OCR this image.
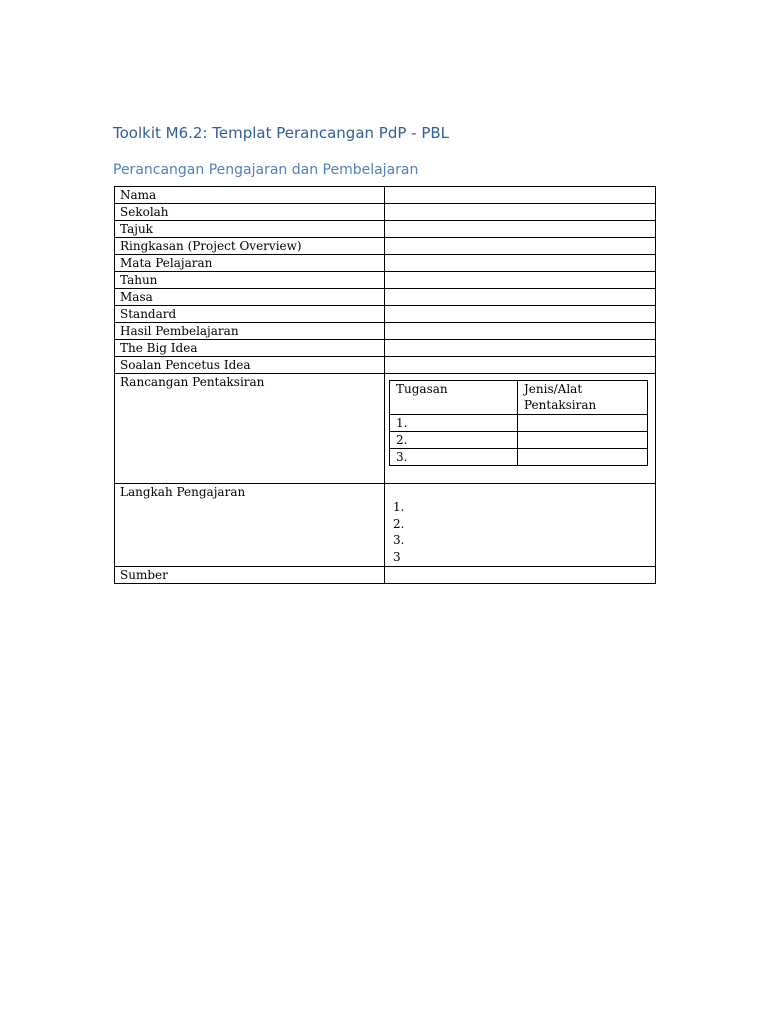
Toolkit M6.2: Templat Perancangan PdP - PBL
Perancangan Pengajaran dan Pembelajaran
Nama	
Sekolah	
Tajuk	
Ringkasan (Project Overview)	
Mata Pelajaran	
Tahun	
Masa	
Standard	
Hasil Pembelajaran	
The Big Idea	
Soalan Pencetus Idea	
Rancangan Pentaksiran		Tugasan	Jenis/Alat Pentaksiran
1.	
2.	
3.	

Langkah Pengajaran	
1.
2.
3.
3

Sumber	
